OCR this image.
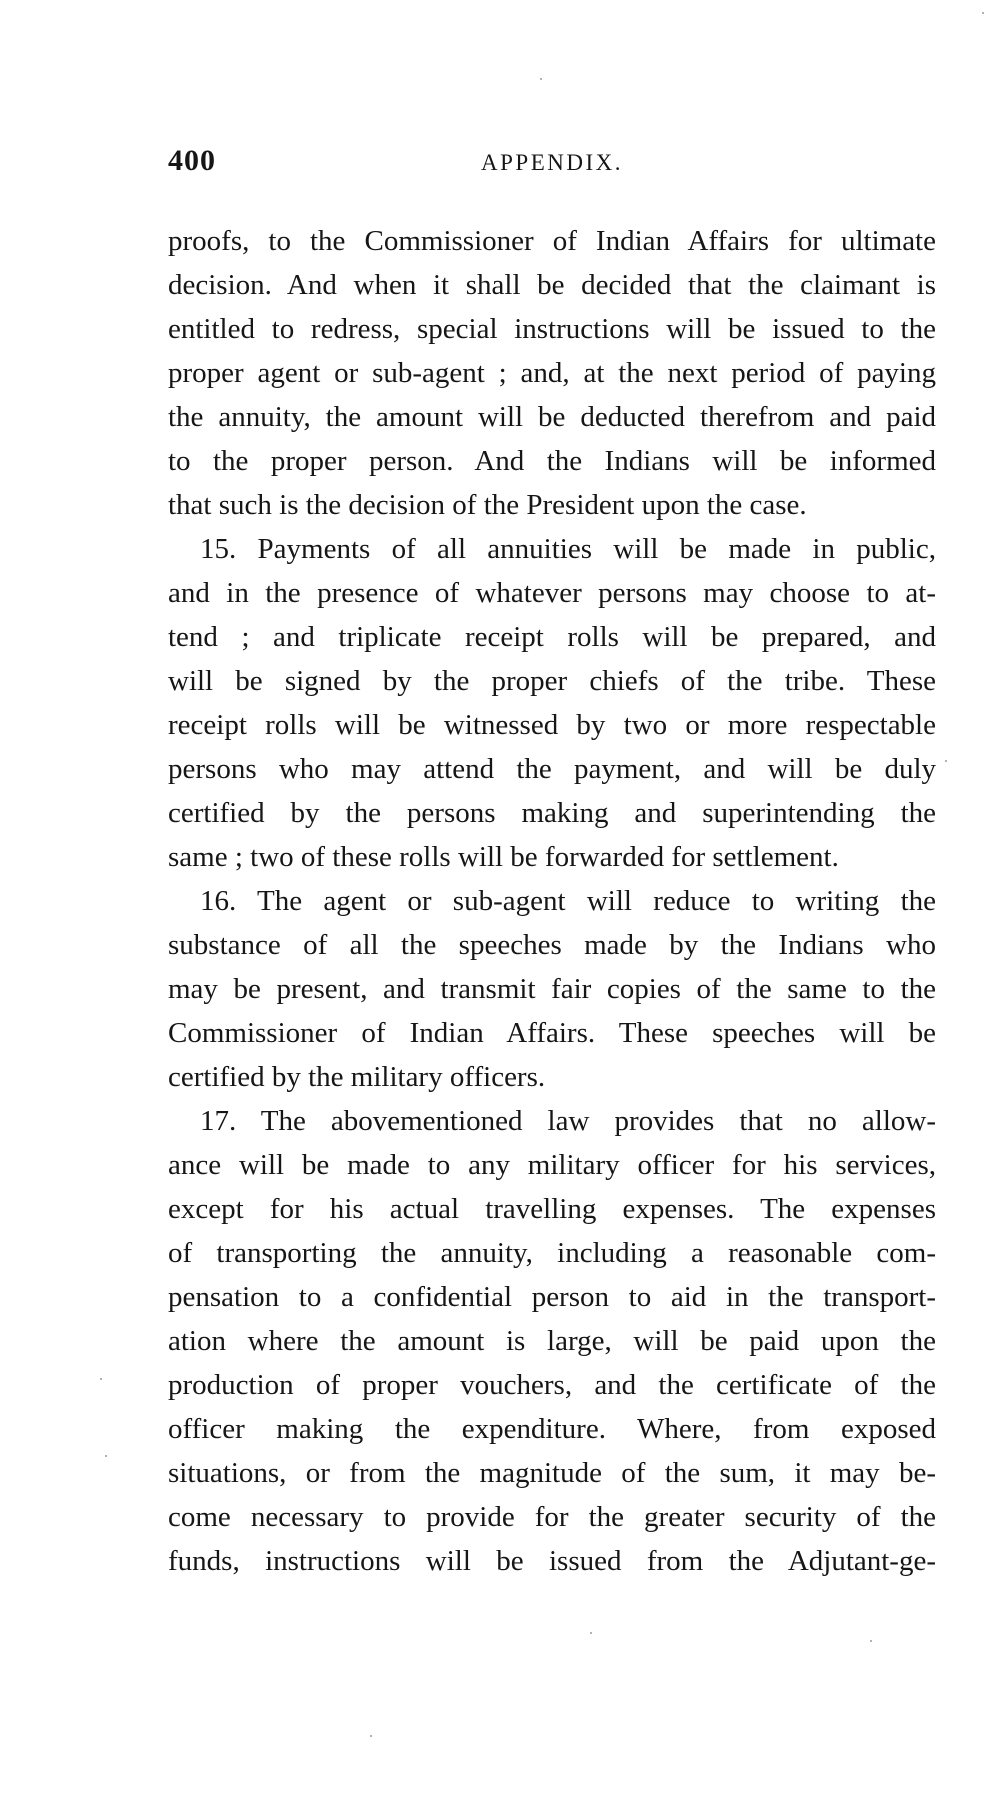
400	APPENDIX.
proofs, to the Commissioner of Indian Affairs for ultimate
decision. And when it shall be decided that the claimant is
entitled to redress, special instructions will be issued to the
proper agent or sub-agent ; and, at the next period of paying
the annuity, the amount will be deducted therefrom and paid
to the proper person. And the Indians will be informed
that such is the decision of the President upon the case.
15. Payments of all annuities will be made in public,
and in the presence of whatever persons may choose to at-
tend ; and triplicate receipt rolls will be prepared, and
will be signed by the proper chiefs of the tribe. These
receipt rolls will be witnessed by two or more respectable
persons who may attend the payment, and will be duly
certified by the persons making and superintending the
same ; two of these rolls will be forwarded for settlement.
16. The agent or sub-agent will reduce to writing the
substance of all the speeches made by the Indians who
may be present, and transmit fair copies of the same to the
Commissioner of Indian Affairs. These speeches will be
certified by the military officers.
17. The abovementioned law provides that no allow-
ance will be made to any military officer for his services,
except for his actual travelling expenses. The expenses
of transporting the annuity, including a reasonable com-
pensation to a confidential person to aid in the transport-
ation where the amount is large, will be paid upon the
production of proper vouchers, and the certificate of the
officer making the expenditure. Where, from exposed
situations, or from the magnitude of the sum, it may be-
come necessary to provide for the greater security of the
funds, instructions will be issued from the Adjutant-ge-
